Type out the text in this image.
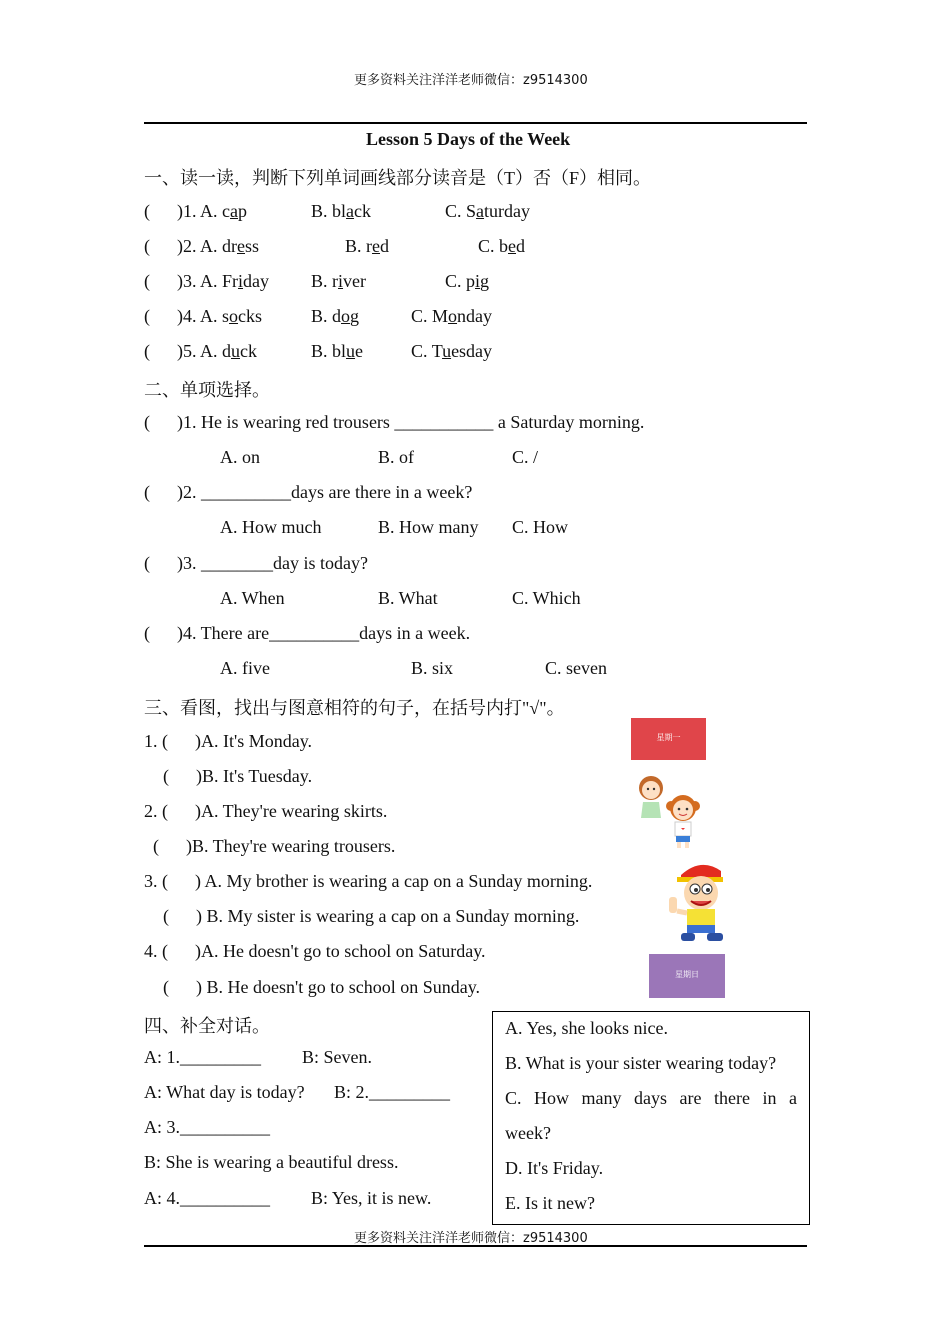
更多资料关注洋洋老师微信：z9514300
Lesson 5 Days of the Week
一、读一读，判断下列单词画线部分读音是（T）否（F）相同。
(      )1. A. cap	B. black	C. Saturday
(      )2. A. dress	B. red	C. bed
(      )3. A. Friday B. river	C. pig
(      )4. A. socks	B. dog	C. Monday
(      )5. A. duck	B. blue	C. Tuesday
二、单项选择。
(      )1. He is wearing red trousers ___________ a Saturday morning.
A. on	B. of	C. /
(      )2. __________days are there in a week?
A. How much	B. How many C. How
(      )3. ________day is today?
A. When	B. What	C. Which
(      )4. There are__________days in a week.
A. five	B. six	C. seven
三、看图，找出与图意相符的句子，在括号内打"√"。
1. (      )A. It's Monday.
(      )B. It's Tuesday.
2. (      )A. They're wearing skirts.
(      )B. They're wearing trousers.
3. (      ) A. My brother is wearing a cap on a Sunday morning.
(      ) B. My sister is wearing a cap on a Sunday morning.
4. (      )A. He doesn't go to school on Saturday.
(      ) B. He doesn't go to school on Sunday.
星期一
星期日
四、补全对话。
A: 1._________ B: Seven.
A: What day is today? B: 2._________
A: 3.__________
B: She is wearing a beautiful dress.
A: 4.__________ B: Yes, it is new.
A. Yes, she looks nice.
B. What is your sister wearing today?
C. How many days are there in a
week?
D. It's Friday.
E. Is it new?
更多资料关注洋洋老师微信：z9514300
